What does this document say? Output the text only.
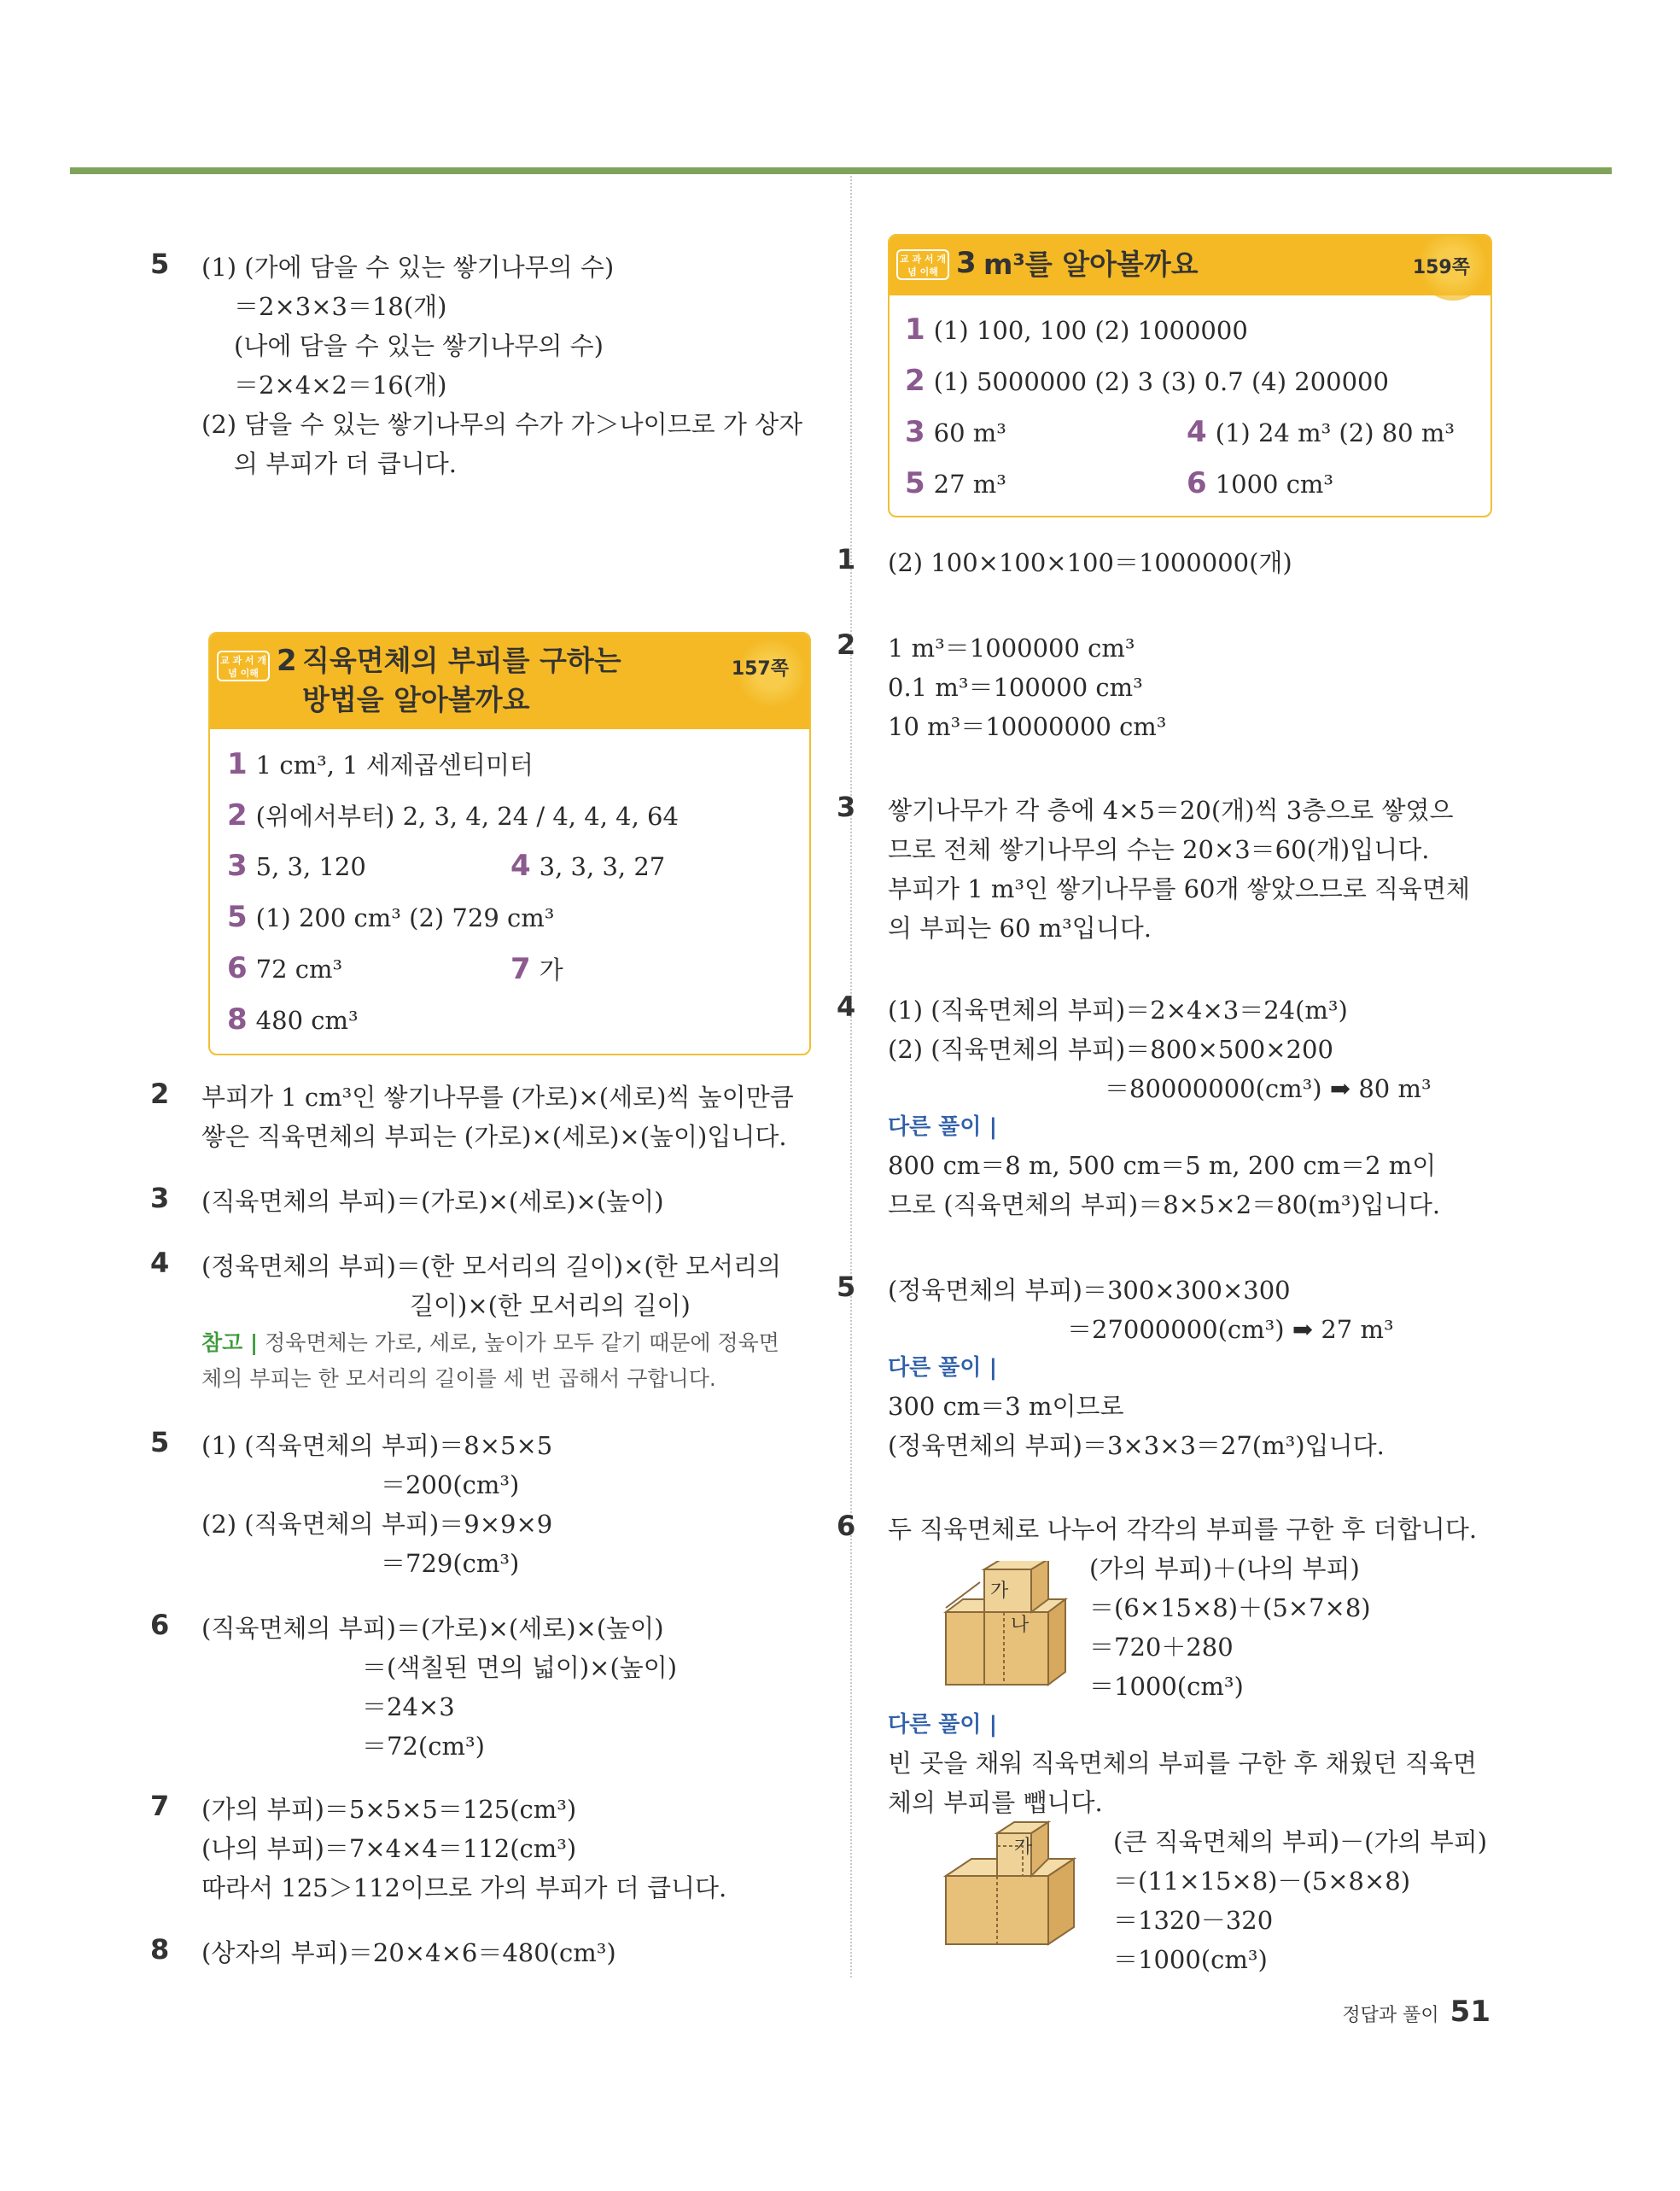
5 (1) (가에 담을 수 있는 쌓기나무의 수)
＝2×3×3＝18(개)
(나에 담을 수 있는 쌓기나무의 수)
＝2×4×2＝16(개)
(2) 담을 수 있는 쌓기나무의 수가 가＞나이므로 가 상자
의 부피가 더 큽니다.
교 과 서 개념 이해 2 직육면체의 부피를 구하는
방법을 알아볼까요
157쪽
1 1 cm³, 1 세제곱센티미터
2 (위에서부터) 2, 3, 4, 24 / 4, 4, 4, 64
3 5, 3, 120	4 3, 3, 3, 27
5 (1) 200 cm³ (2) 729 cm³
6 72 cm³	7 가
8 480 cm³
2 부피가 1 cm³인 쌓기나무를 (가로)×(세로)씩 높이만큼
쌓은 직육면체의 부피는 (가로)×(세로)×(높이)입니다.
3 (직육면체의 부피)＝(가로)×(세로)×(높이)
4 (정육면체의 부피)＝(한 모서리의 길이)×(한 모서리의
길이)×(한 모서리의 길이)
참고 | 정육면체는 가로, 세로, 높이가 모두 같기 때문에 정육면
체의 부피는 한 모서리의 길이를 세 번 곱해서 구합니다.
5 (1) (직육면체의 부피)＝8×5×5
＝200(cm³)
(2) (직육면체의 부피)＝9×9×9
＝729(cm³)
6 (직육면체의 부피)＝(가로)×(세로)×(높이)
＝(색칠된 면의 넓이)×(높이)
＝24×3
＝72(cm³)
7 (가의 부피)＝5×5×5＝125(cm³)
(나의 부피)＝7×4×4＝112(cm³)
따라서 125＞112이므로 가의 부피가 더 큽니다.
8 (상자의 부피)＝20×4×6＝480(cm³)
교 과 서 개념 이해 3 m³를 알아볼까요	159쪽
1 (1) 100, 100 (2) 1000000
2 (1) 5000000 (2) 3 (3) 0.7 (4) 200000
3 60 m³	4 (1) 24 m³ (2) 80 m³
5 27 m³	6 1000 cm³
1 (2) 100×100×100＝1000000(개)
2 1 m³＝1000000 cm³
0.1 m³＝100000 cm³
10 m³＝10000000 cm³
3 쌓기나무가 각 층에 4×5＝20(개)씩 3층으로 쌓였으
므로 전체 쌓기나무의 수는 20×3＝60(개)입니다.
부피가 1 m³인 쌓기나무를 60개 쌓았으므로 직육면체
의 부피는 60 m³입니다.
4 (1) (직육면체의 부피)＝2×4×3＝24(m³)
(2) (직육면체의 부피)＝800×500×200
＝80000000(cm³) ➡ 80 m³
다른 풀이 |
800 cm＝8 m, 500 cm＝5 m, 200 cm＝2 m이
므로 (직육면체의 부피)＝8×5×2＝80(m³)입니다.
5 (정육면체의 부피)＝300×300×300
＝27000000(cm³) ➡ 27 m³
다른 풀이 |
300 cm＝3 m이므로
(정육면체의 부피)＝3×3×3＝27(m³)입니다.
6 두 직육면체로 나누어 각각의 부피를 구한 후 더합니다.
(가의 부피)＋(나의 부피)
＝(6×15×8)＋(5×7×8)
＝720＋280
＝1000(cm³)
다른 풀이 |
빈 곳을 채워 직육면체의 부피를 구한 후 채웠던 직육면
체의 부피를 뺍니다.
(큰 직육면체의 부피)－(가의 부피)
＝(11×15×8)－(5×8×8)
＝1320－320
＝1000(cm³)
가
나
가
정답과 풀이 51
